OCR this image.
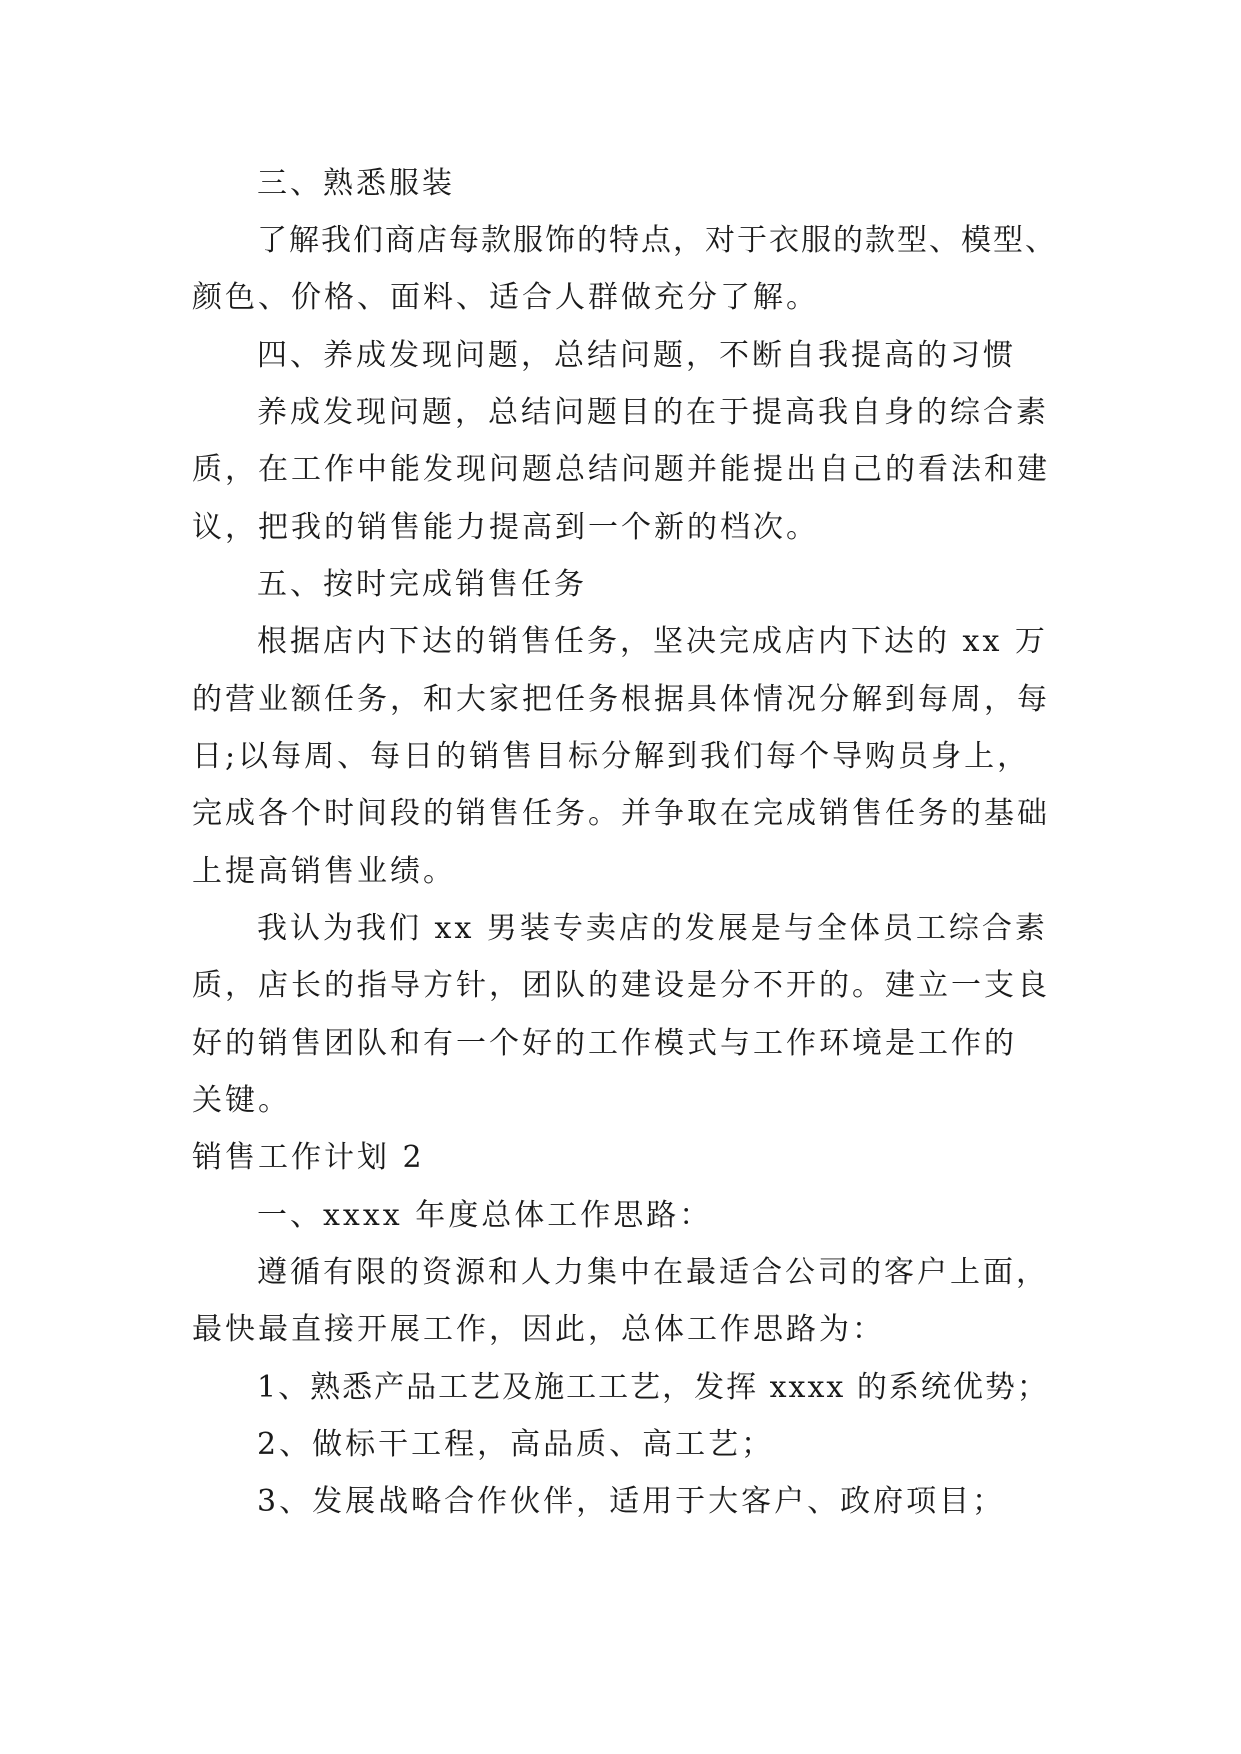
三、熟悉服装

了解我们商店每款服饰的特点，对于衣服的款型、模型、

颜色、价格、面料、适合人群做充分了解。

四、养成发现问题，总结问题，不断自我提高的习惯

养成发现问题，总结问题目的在于提高我自身的综合素

质，在工作中能发现问题总结问题并能提出自己的看法和建

议，把我的销售能力提高到一个新的档次。

五、按时完成销售任务

根据店内下达的销售任务，坚决完成店内下达的 xx 万

的营业额任务，和大家把任务根据具体情况分解到每周，每

日;以每周、每日的销售目标分解到我们每个导购员身上，

完成各个时间段的销售任务。并争取在完成销售任务的基础

上提高销售业绩。

我认为我们 xx 男装专卖店的发展是与全体员工综合素

质，店长的指导方针，团队的建设是分不开的。建立一支良

好的销售团队和有一个好的工作模式与工作环境是工作的

关键。

销售工作计划 2

一、xxxx 年度总体工作思路：

遵循有限的资源和人力集中在最适合公司的客户上面，

最快最直接开展工作，因此，总体工作思路为：

1、熟悉产品工艺及施工工艺，发挥 xxxx 的系统优势；

2、做标干工程，高品质、高工艺；

3、发展战略合作伙伴，适用于大客户、政府项目；
